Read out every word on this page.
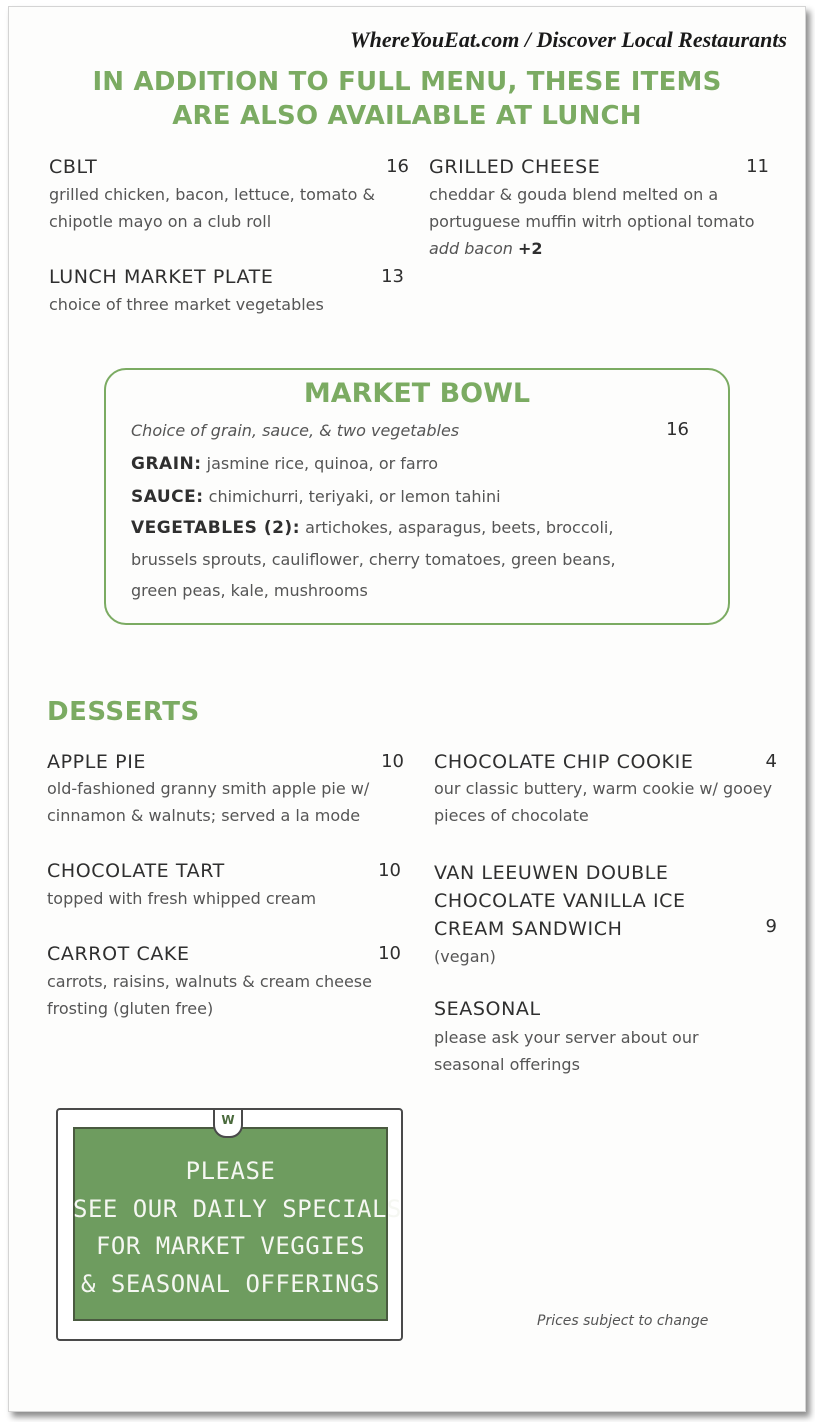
WhereYouEat.com / Discover Local Restaurants
IN ADDITION TO FULL MENU, THESE ITEMS
ARE ALSO AVAILABLE AT LUNCH
CBLT	16
grilled chicken, bacon, lettuce, tomato &
chipotle mayo on a club roll
GRILLED CHEESE	11
cheddar & gouda blend melted on a
portuguese muffin witrh optional tomato
add bacon +2
LUNCH MARKET PLATE	13
choice of three market vegetables
MARKET BOWL
Choice of grain, sauce, & two vegetables	16
GRAIN: jasmine rice, quinoa, or farro
SAUCE: chimichurri, teriyaki, or lemon tahini
VEGETABLES (2): artichokes, asparagus, beets, broccoli,
brussels sprouts, cauliflower, cherry tomatoes, green beans,
green peas, kale, mushrooms
DESSERTS
APPLE PIE	10
old-fashioned granny smith apple pie w/
cinnamon & walnuts; served a la mode
CHOCOLATE TART	10
topped with fresh whipped cream
CARROT CAKE	10
carrots, raisins, walnuts & cream cheese
frosting (gluten free)
CHOCOLATE CHIP COOKIE	4
our classic buttery, warm cookie w/ gooey
pieces of chocolate
VAN LEEUWEN DOUBLE
CHOCOLATE VANILLA ICE
CREAM SANDWICH	9
(vegan)
SEASONAL
please ask your server about our
seasonal offerings
W
PLEASE
SEE OUR DAILY SPECIALS
FOR MARKET VEGGIES
& SEASONAL OFFERINGS
Prices subject to change
